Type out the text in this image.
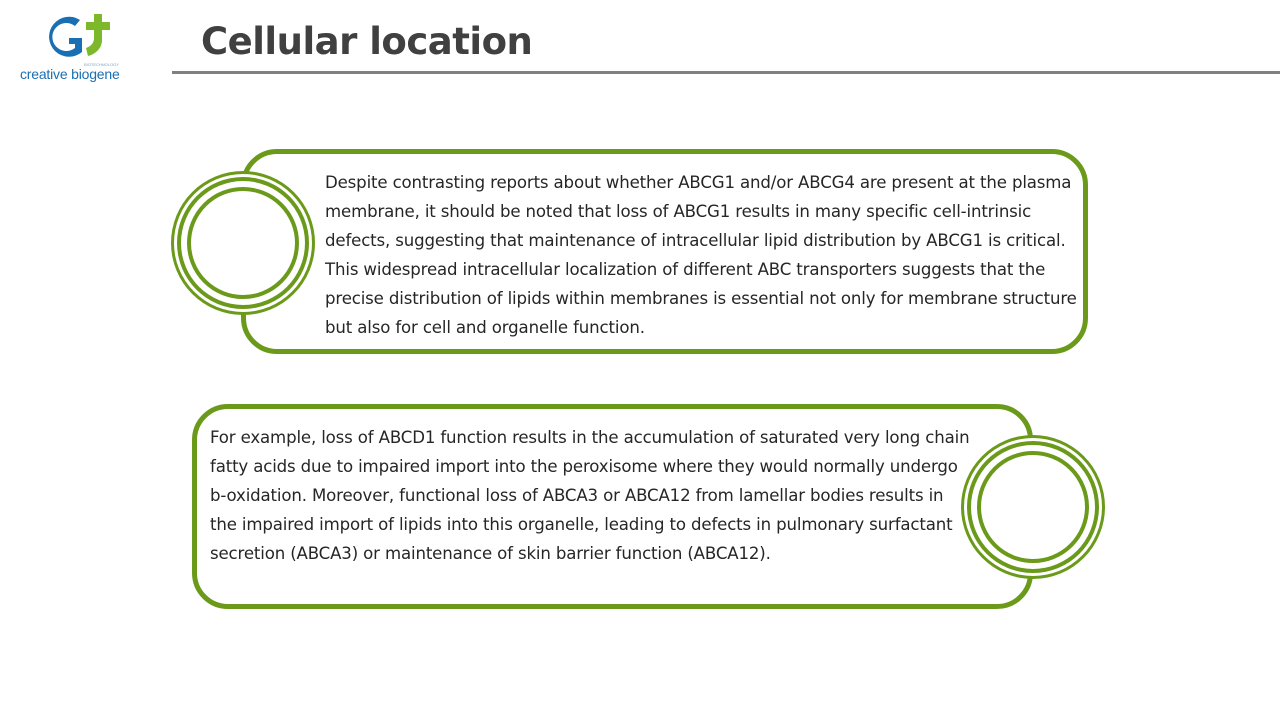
BIOTECHNOLOGY
creative biogene
Cellular location

Despite contrasting reports about whether ABCG1 and/or ABCG4 are present at the plasma membrane, it should be noted that loss of ABCG1 results in many specific cell-intrinsic defects, suggesting that maintenance of intracellular lipid distribution by ABCG1 is critical. This widespread intracellular localization of different ABC transporters suggests that the precise distribution of lipids within membranes is essential not only for membrane structure but also for cell and organelle function.

For example, loss of ABCD1 function results in the accumulation of saturated very long chain fatty acids due to impaired import into the peroxisome where they would normally undergo b-oxidation. Moreover, functional loss of ABCA3 or ABCA12 from lamellar bodies results in the impaired import of lipids into this organelle, leading to defects in pulmonary surfactant secretion (ABCA3) or maintenance of skin barrier function (ABCA12).
